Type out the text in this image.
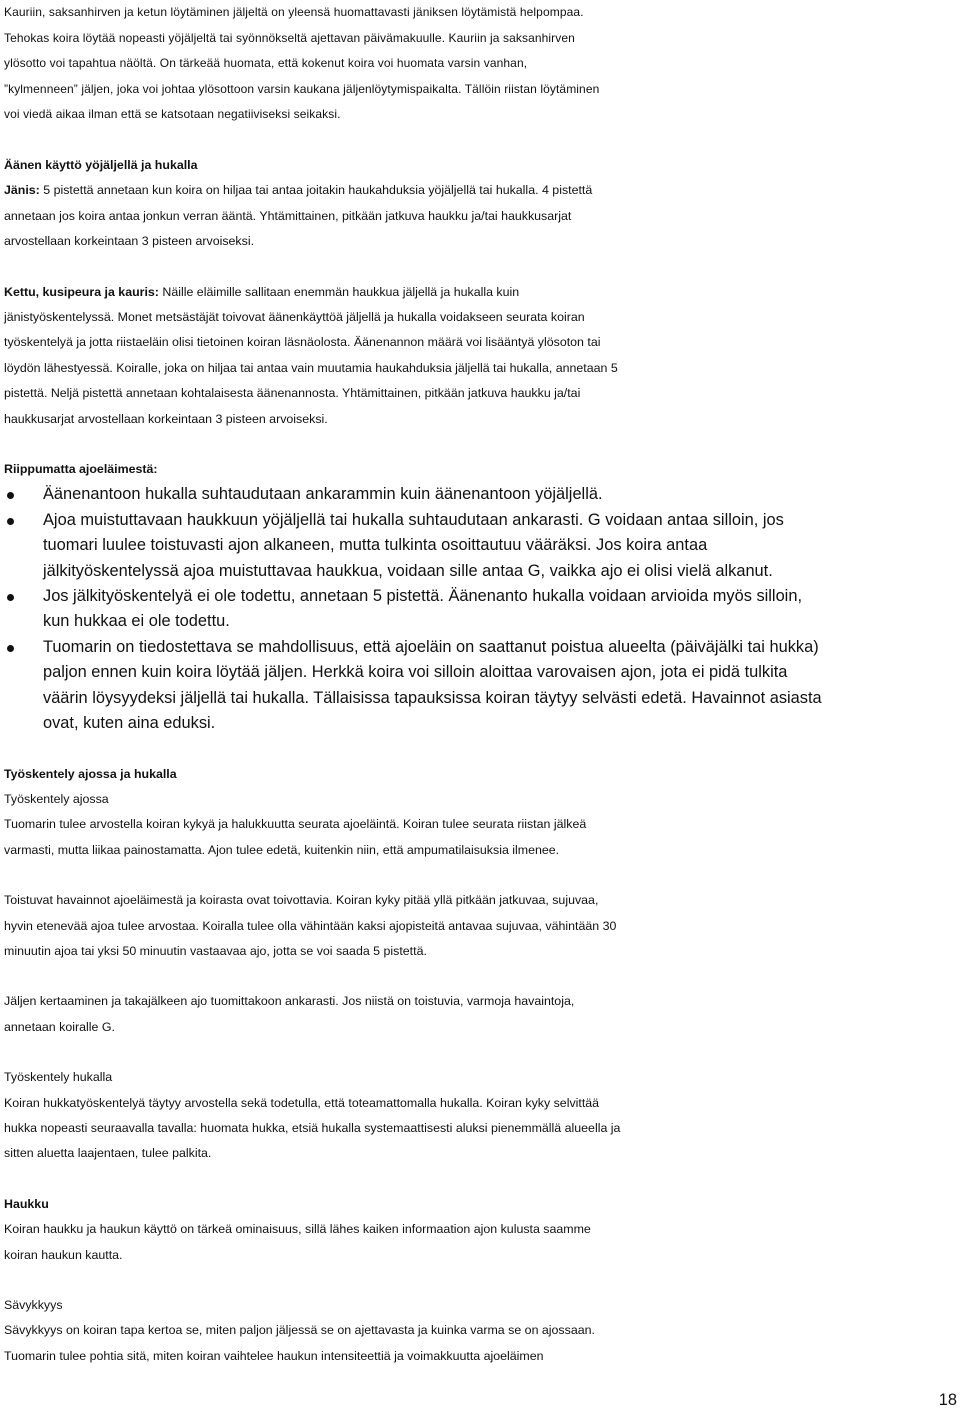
Kauriin, saksanhirven ja ketun löytäminen jäljeltä on yleensä huomattavasti jäniksen löytämistä helpompaa.

Tehokas koira löytää nopeasti yöjäljeltä tai syönnökseltä ajettavan päivämakuulle. Kauriin ja saksanhirven

ylösotto voi tapahtua näöltä. On tärkeää huomata, että kokenut koira voi huomata varsin vanhan,

”kylmenneen” jäljen, joka voi johtaa ylösottoon varsin kaukana jäljenlöytymispaikalta. Tällöin riistan löytäminen

voi viedä aikaa ilman että se katsotaan negatiiviseksi seikaksi.

Äänen käyttö yöjäljellä ja hukalla

Jänis: 5 pistettä annetaan kun koira on hiljaa tai antaa joitakin haukahduksia yöjäljellä tai hukalla. 4 pistettä

annetaan jos koira antaa jonkun verran ääntä. Yhtämittainen, pitkään jatkuva haukku ja/tai haukkusarjat

arvostellaan korkeintaan 3 pisteen arvoiseksi.

Kettu, kusipeura ja kauris: Näille eläimille sallitaan enemmän haukkua jäljellä ja hukalla kuin

jänistyöskentelyssä. Monet metsästäjät toivovat äänenkäyttöä jäljellä ja hukalla voidakseen seurata koiran

työskentelyä ja jotta riistaeläin olisi tietoinen koiran läsnäolosta. Äänenannon määrä voi lisääntyä ylösoton tai

löydön lähestyessä. Koiralle, joka on hiljaa tai antaa vain muutamia haukahduksia jäljellä tai hukalla, annetaan 5

pistettä. Neljä pistettä annetaan kohtalaisesta äänenannosta. Yhtämittainen, pitkään jatkuva haukku ja/tai

haukkusarjat arvostellaan korkeintaan 3 pisteen arvoiseksi.

Riippumatta ajoeläimestä:

Äänenantoon hukalla suhtaudutaan ankarammin kuin äänenantoon yöjäljellä.

Ajoa muistuttavaan haukkuun yöjäljellä tai hukalla suhtaudutaan ankarasti. G voidaan antaa silloin, jos

tuomari luulee toistuvasti ajon alkaneen, mutta tulkinta osoittautuu vääräksi. Jos koira antaa

jälkityöskentelyssä ajoa muistuttavaa haukkua, voidaan sille antaa G, vaikka ajo ei olisi vielä alkanut.

Jos jälkityöskentelyä ei ole todettu, annetaan 5 pistettä. Äänenanto hukalla voidaan arvioida myös silloin,

kun hukkaa ei ole todettu.

Tuomarin on tiedostettava se mahdollisuus, että ajoeläin on saattanut poistua alueelta (päiväjälki tai hukka)

paljon ennen kuin koira löytää jäljen. Herkkä koira voi silloin aloittaa varovaisen ajon, jota ei pidä tulkita

väärin löysyydeksi jäljellä tai hukalla. Tällaisissa tapauksissa koiran täytyy selvästi edetä. Havainnot asiasta

ovat, kuten aina eduksi.

Työskentely ajossa ja hukalla

Työskentely ajossa

Tuomarin tulee arvostella koiran kykyä ja halukkuutta seurata ajoeläintä. Koiran tulee seurata riistan jälkeä

varmasti, mutta liikaa painostamatta. Ajon tulee edetä, kuitenkin niin, että ampumatilaisuksia ilmenee.

Toistuvat havainnot ajoeläimestä ja koirasta ovat toivottavia. Koiran kyky pitää yllä pitkään jatkuvaa, sujuvaa,

hyvin etenevää ajoa tulee arvostaa. Koiralla tulee olla vähintään kaksi ajopisteitä antavaa sujuvaa, vähintään 30

minuutin ajoa tai yksi 50 minuutin vastaavaa ajo, jotta se voi saada 5 pistettä.

Jäljen kertaaminen ja takajälkeen ajo tuomittakoon ankarasti. Jos niistä on toistuvia, varmoja havaintoja,

annetaan koiralle G.

Työskentely hukalla

Koiran hukkatyöskentelyä täytyy arvostella sekä todetulla, että toteamattomalla hukalla. Koiran kyky selvittää

hukka nopeasti seuraavalla tavalla: huomata hukka, etsiä hukalla systemaattisesti aluksi pienemmällä alueella ja

sitten aluetta laajentaen, tulee palkita.

Haukku

Koiran haukku ja haukun käyttö on tärkeä ominaisuus, sillä lähes kaiken informaation ajon kulusta saamme

koiran haukun kautta.

Sävykkyys

Sävykkyys on koiran tapa kertoa se, miten paljon jäljessä se on ajettavasta ja kuinka varma se on ajossaan.

Tuomarin tulee pohtia sitä, miten koiran vaihtelee haukun intensiteettiä ja voimakkuutta ajoeläimen

18
